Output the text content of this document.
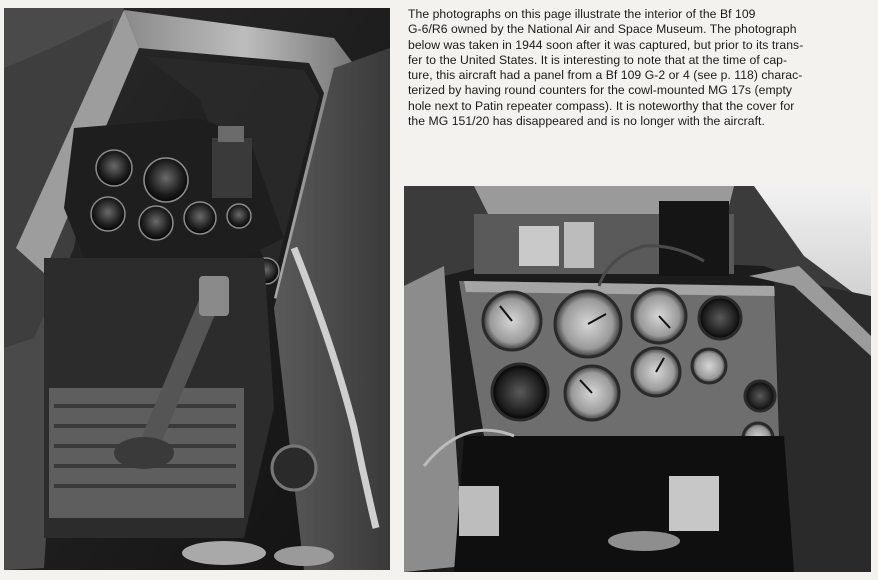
The photographs on this page illustrate the interior of the Bf 109
G-6/R6 owned by the National Air and Space Museum. The photograph
below was taken in 1944 soon after it was captured, but prior to its trans-
fer to the United States. It is interesting to note that at the time of cap-
ture, this aircraft had a panel from a Bf 109 G-2 or 4 (see p. 118) charac-
terized by having round counters for the cowl-mounted MG 17s (empty
hole next to Patin repeater compass). It is noteworthy that the cover for
the MG 151/20 has disappeared and is no longer with the aircraft.
